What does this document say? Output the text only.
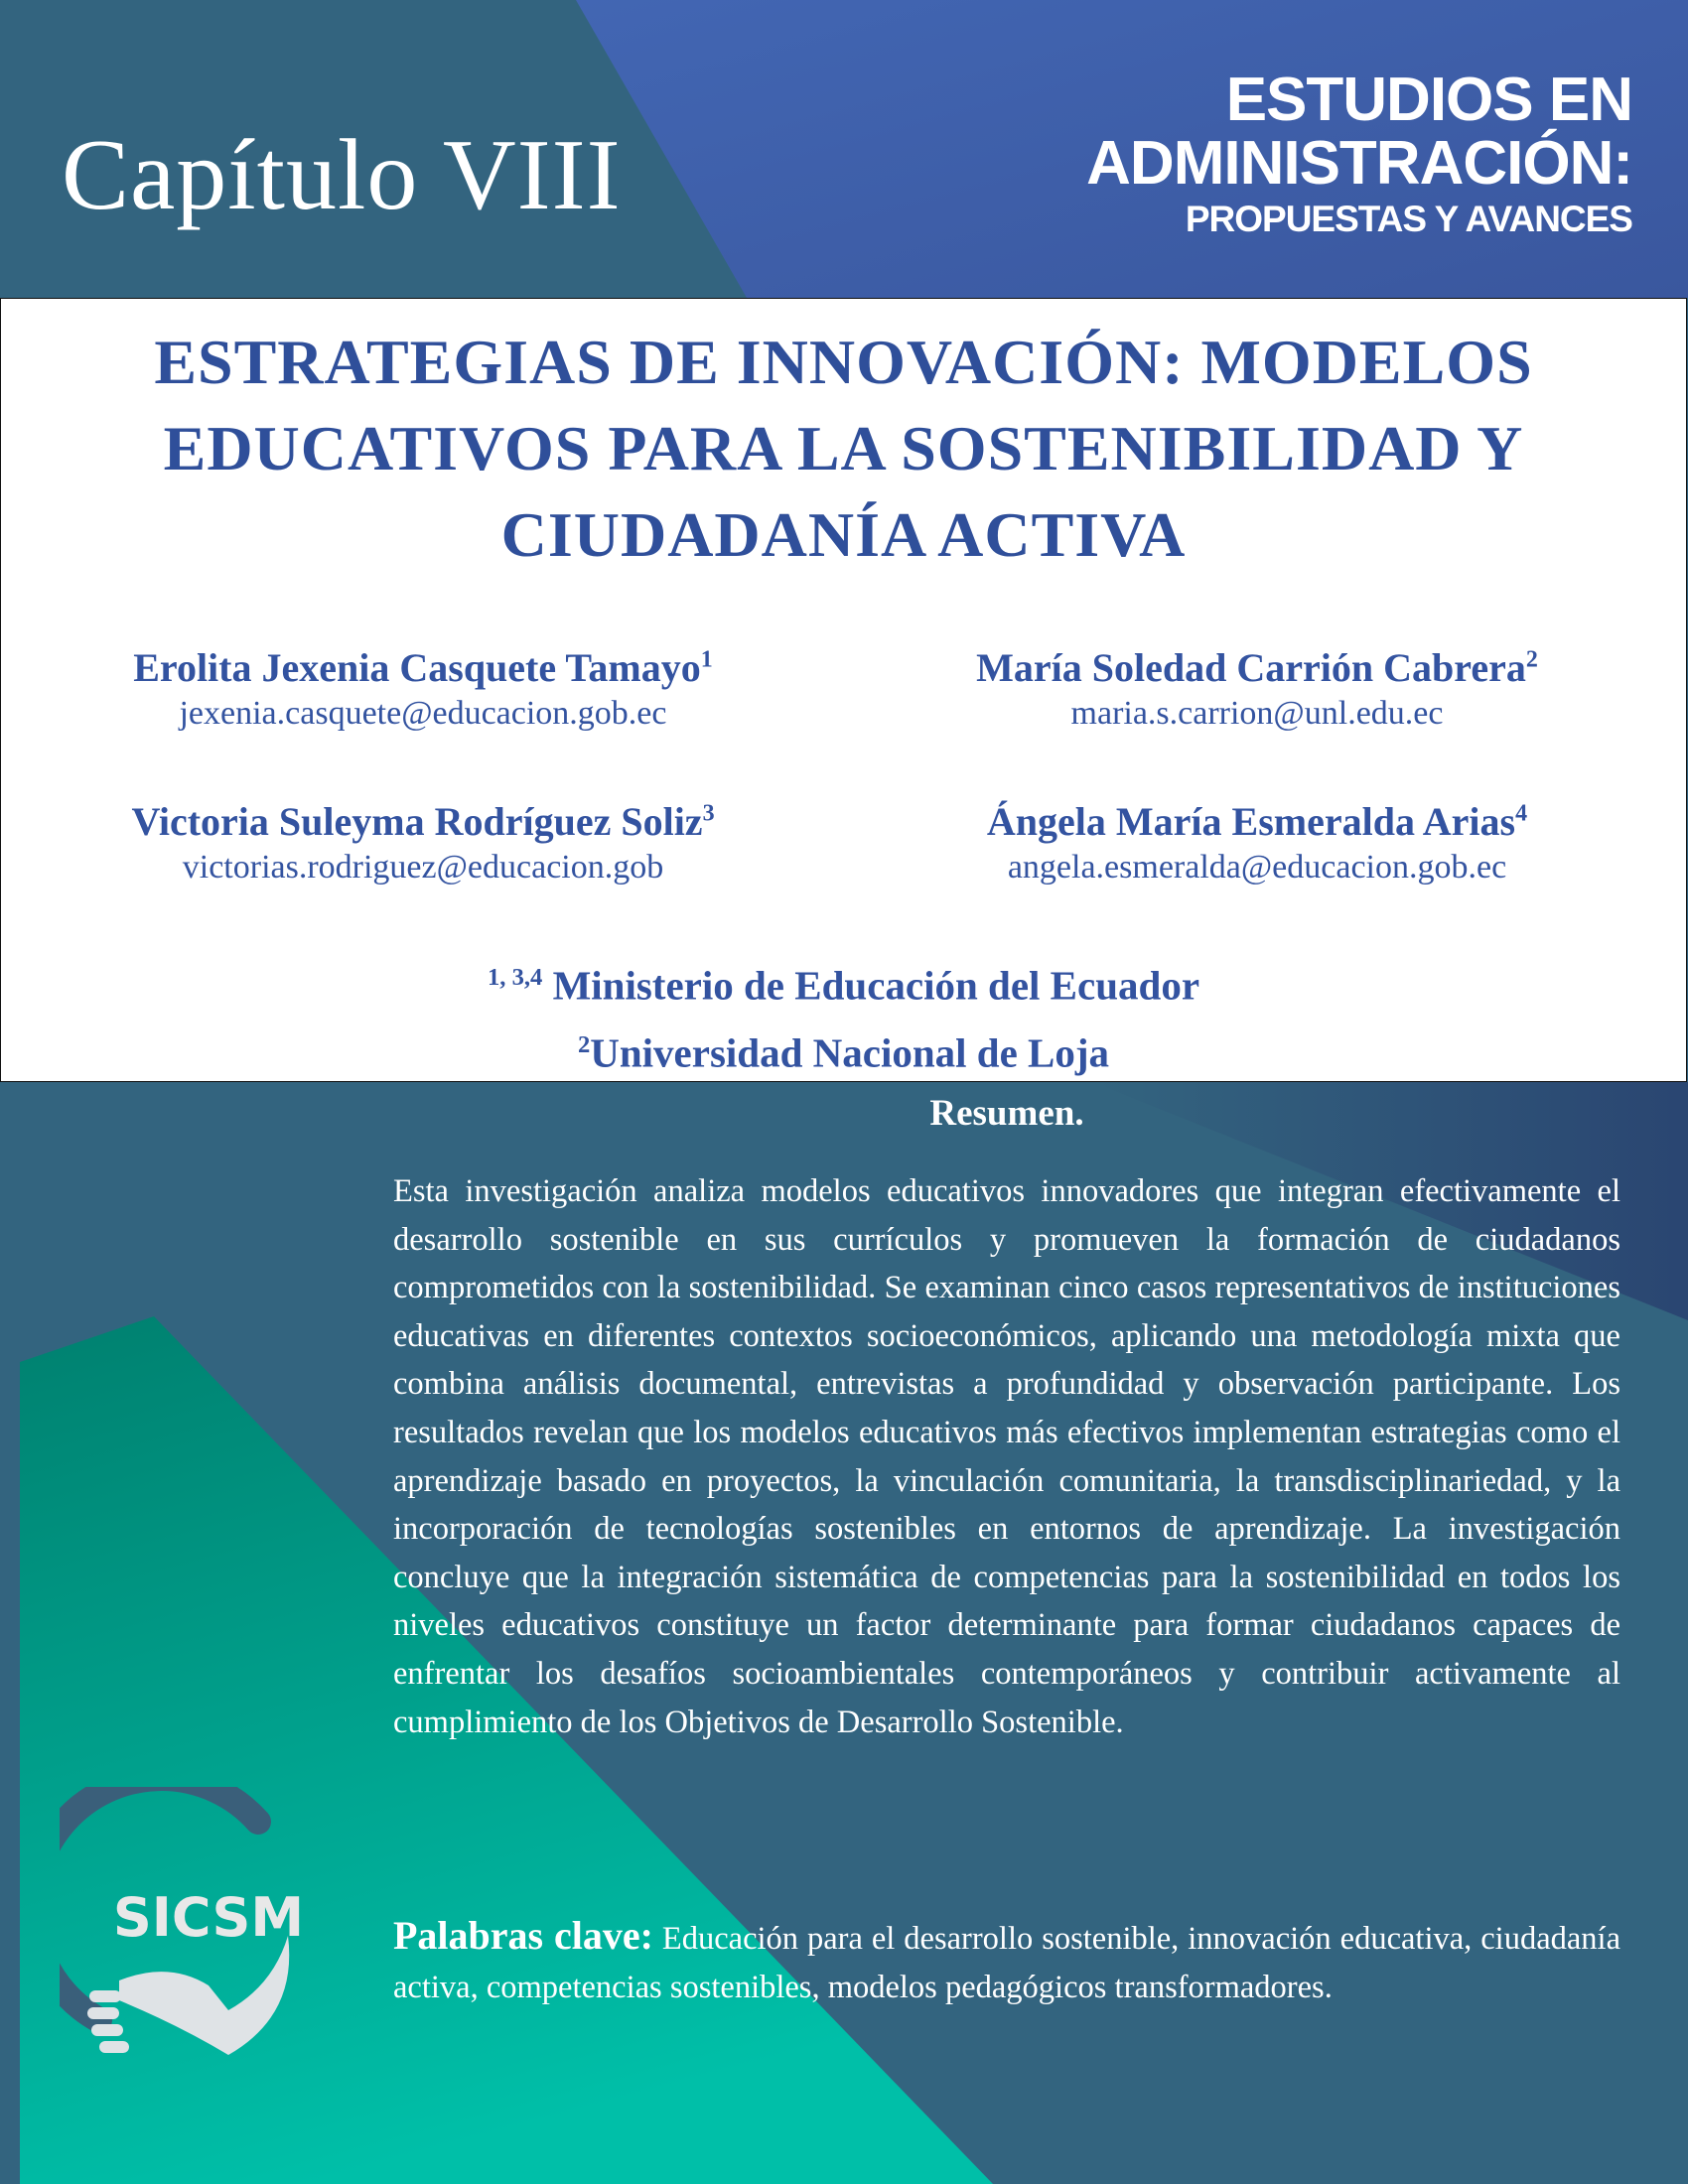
Capítulo VIII
ESTUDIOS EN
ADMINISTRACIÓN:
PROPUESTAS Y AVANCES
ESTRATEGIAS DE INNOVACIÓN: MODELOS
EDUCATIVOS PARA LA SOSTENIBILIDAD Y
CIUDADANÍA ACTIVA
Erolita Jexenia Casquete Tamayo$^1$
jexenia.casquete@educacion.gob.ec
María Soledad Carrión Cabrera$^2$
maria.s.carrion@unl.edu.ec
Victoria Suleyma Rodríguez Soliz$^3$
victorias.rodriguez@educacion.gob
Ángela María Esmeralda Arias$^4$
angela.esmeralda@educacion.gob.ec
$^{1, 3,4}$ Ministerio de Educación del Ecuador
$^2$Universidad Nacional de Loja
Resumen.
Esta investigación analiza modelos educativos innovadores que integran efectivamente el desarrollo sostenible en sus currículos y promueven la formación de ciudadanos comprometidos con la sostenibilidad. Se examinan cinco casos representativos de instituciones educativas en diferentes contextos socioeconómicos, aplicando una metodología mixta que combina análisis documental, entrevistas a profundidad y observación participante. Los resultados revelan que los modelos educativos más efectivos implementan estrategias como el aprendizaje basado en proyectos, la vinculación comunitaria, la transdisciplinariedad, y la incorporación de tecnologías sostenibles en entornos de aprendizaje. La investigación concluye que la integración sistemática de competencias para la sostenibilidad en todos los niveles educativos constituye un factor determinante para formar ciudadanos capaces de enfrentar los desafíos socioambientales contemporáneos y contribuir activamente al cumplimiento de los Objetivos de Desarrollo Sostenible.
Palabras clave: Educación para el desarrollo sostenible, innovación educativa, ciudadanía activa, competencias sostenibles, modelos pedagógicos transformadores.
SICSM
